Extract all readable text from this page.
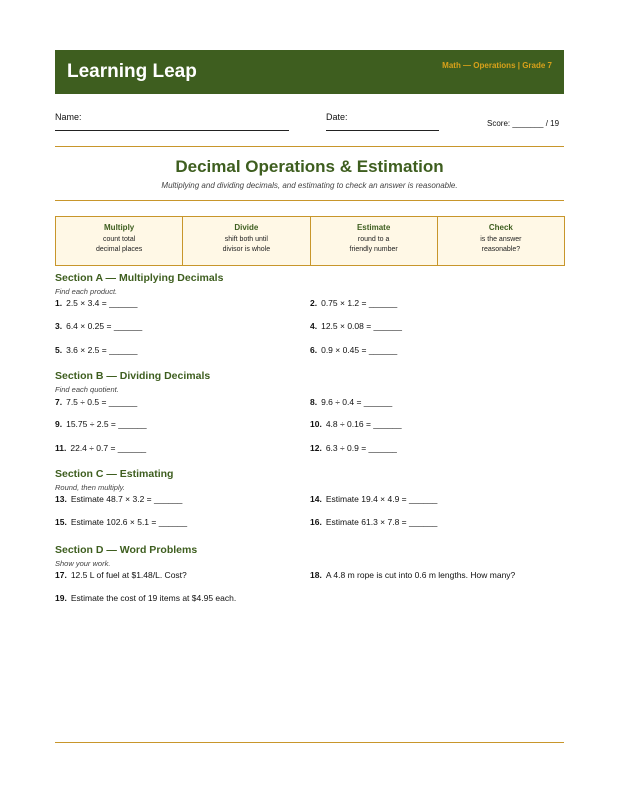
Learning Leap	Math — Operations | Grade 7
Name:	Date:
Score: _______ / 19
Decimal Operations & Estimation
Multiplying and dividing decimals, and estimating to check an answer is reasonable.
Multiply
count total
decimal places
Divide
shift both until
divisor is whole
Estimate
round to a
friendly number
Check
is the answer
reasonable?
Section A — Multiplying Decimals
Find each product.
1. 2.5 × 3.4 = ______	2. 0.75 × 1.2 = ______
3. 6.4 × 0.25 = ______	4. 12.5 × 0.08 = ______
5. 3.6 × 2.5 = ______	6. 0.9 × 0.45 = ______
Section B — Dividing Decimals
Find each quotient.
7. 7.5 ÷ 0.5 = ______	8. 9.6 ÷ 0.4 = ______
9. 15.75 ÷ 2.5 = ______	10. 4.8 ÷ 0.16 = ______
11. 22.4 ÷ 0.7 = ______	12. 6.3 ÷ 0.9 = ______
Section C — Estimating
Round, then multiply.
13. Estimate 48.7 × 3.2 = ______	14. Estimate 19.4 × 4.9 = ______
15. Estimate 102.6 × 5.1 = ______	16. Estimate 61.3 × 7.8 = ______
Section D — Word Problems
Show your work.
17. 12.5 L of fuel at $1.48/L. Cost?	18. A 4.8 m rope is cut into 0.6 m lengths. How many?
19. Estimate the cost of 19 items at $4.95 each.
